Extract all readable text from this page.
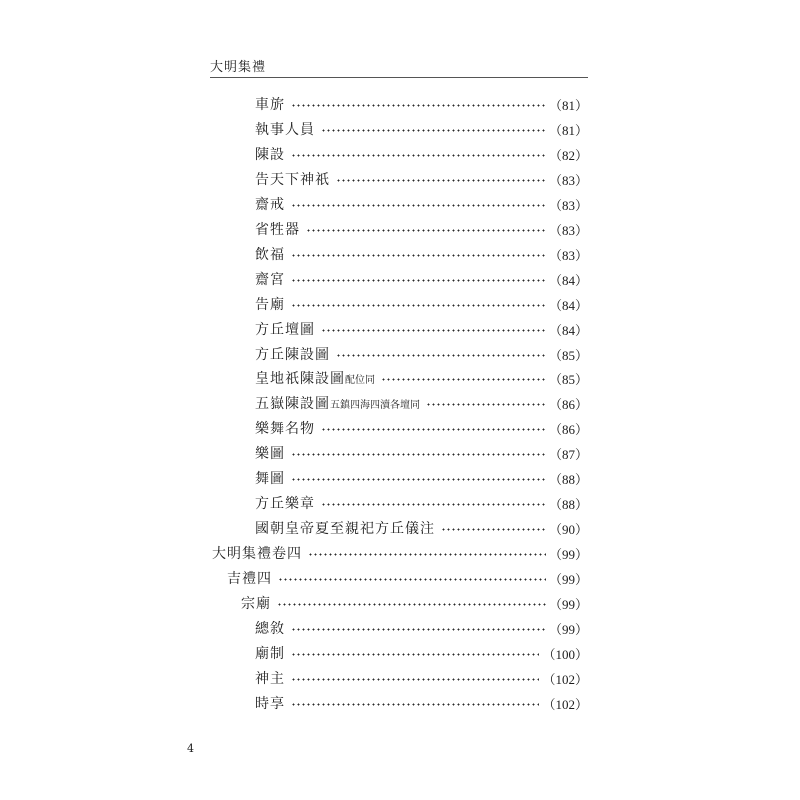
大明集禮
車旂	（81）
執事人員	（81）
陳設	（82）
告天下神祇	（83）
齋戒	（83）
省牲器	（83）
飲福	（83）
齋宮	（84）
告廟	（84）
方丘壇圖	（84）
方丘陳設圖	（85）
皇地祇陳設圖 配位同	（85）
五嶽陳設圖 五鎮四海四瀆各壇同	（86）
樂舞名物	（86）
樂圖	（87）
舞圖	（88）
方丘樂章	（88）
國朝皇帝夏至親祀方丘儀注	（90）
大明集禮卷四	（99）
吉禮四	（99）
宗廟	（99）
總敘	（99）
廟制	（100）
神主	（102）
時享	（102）
4
